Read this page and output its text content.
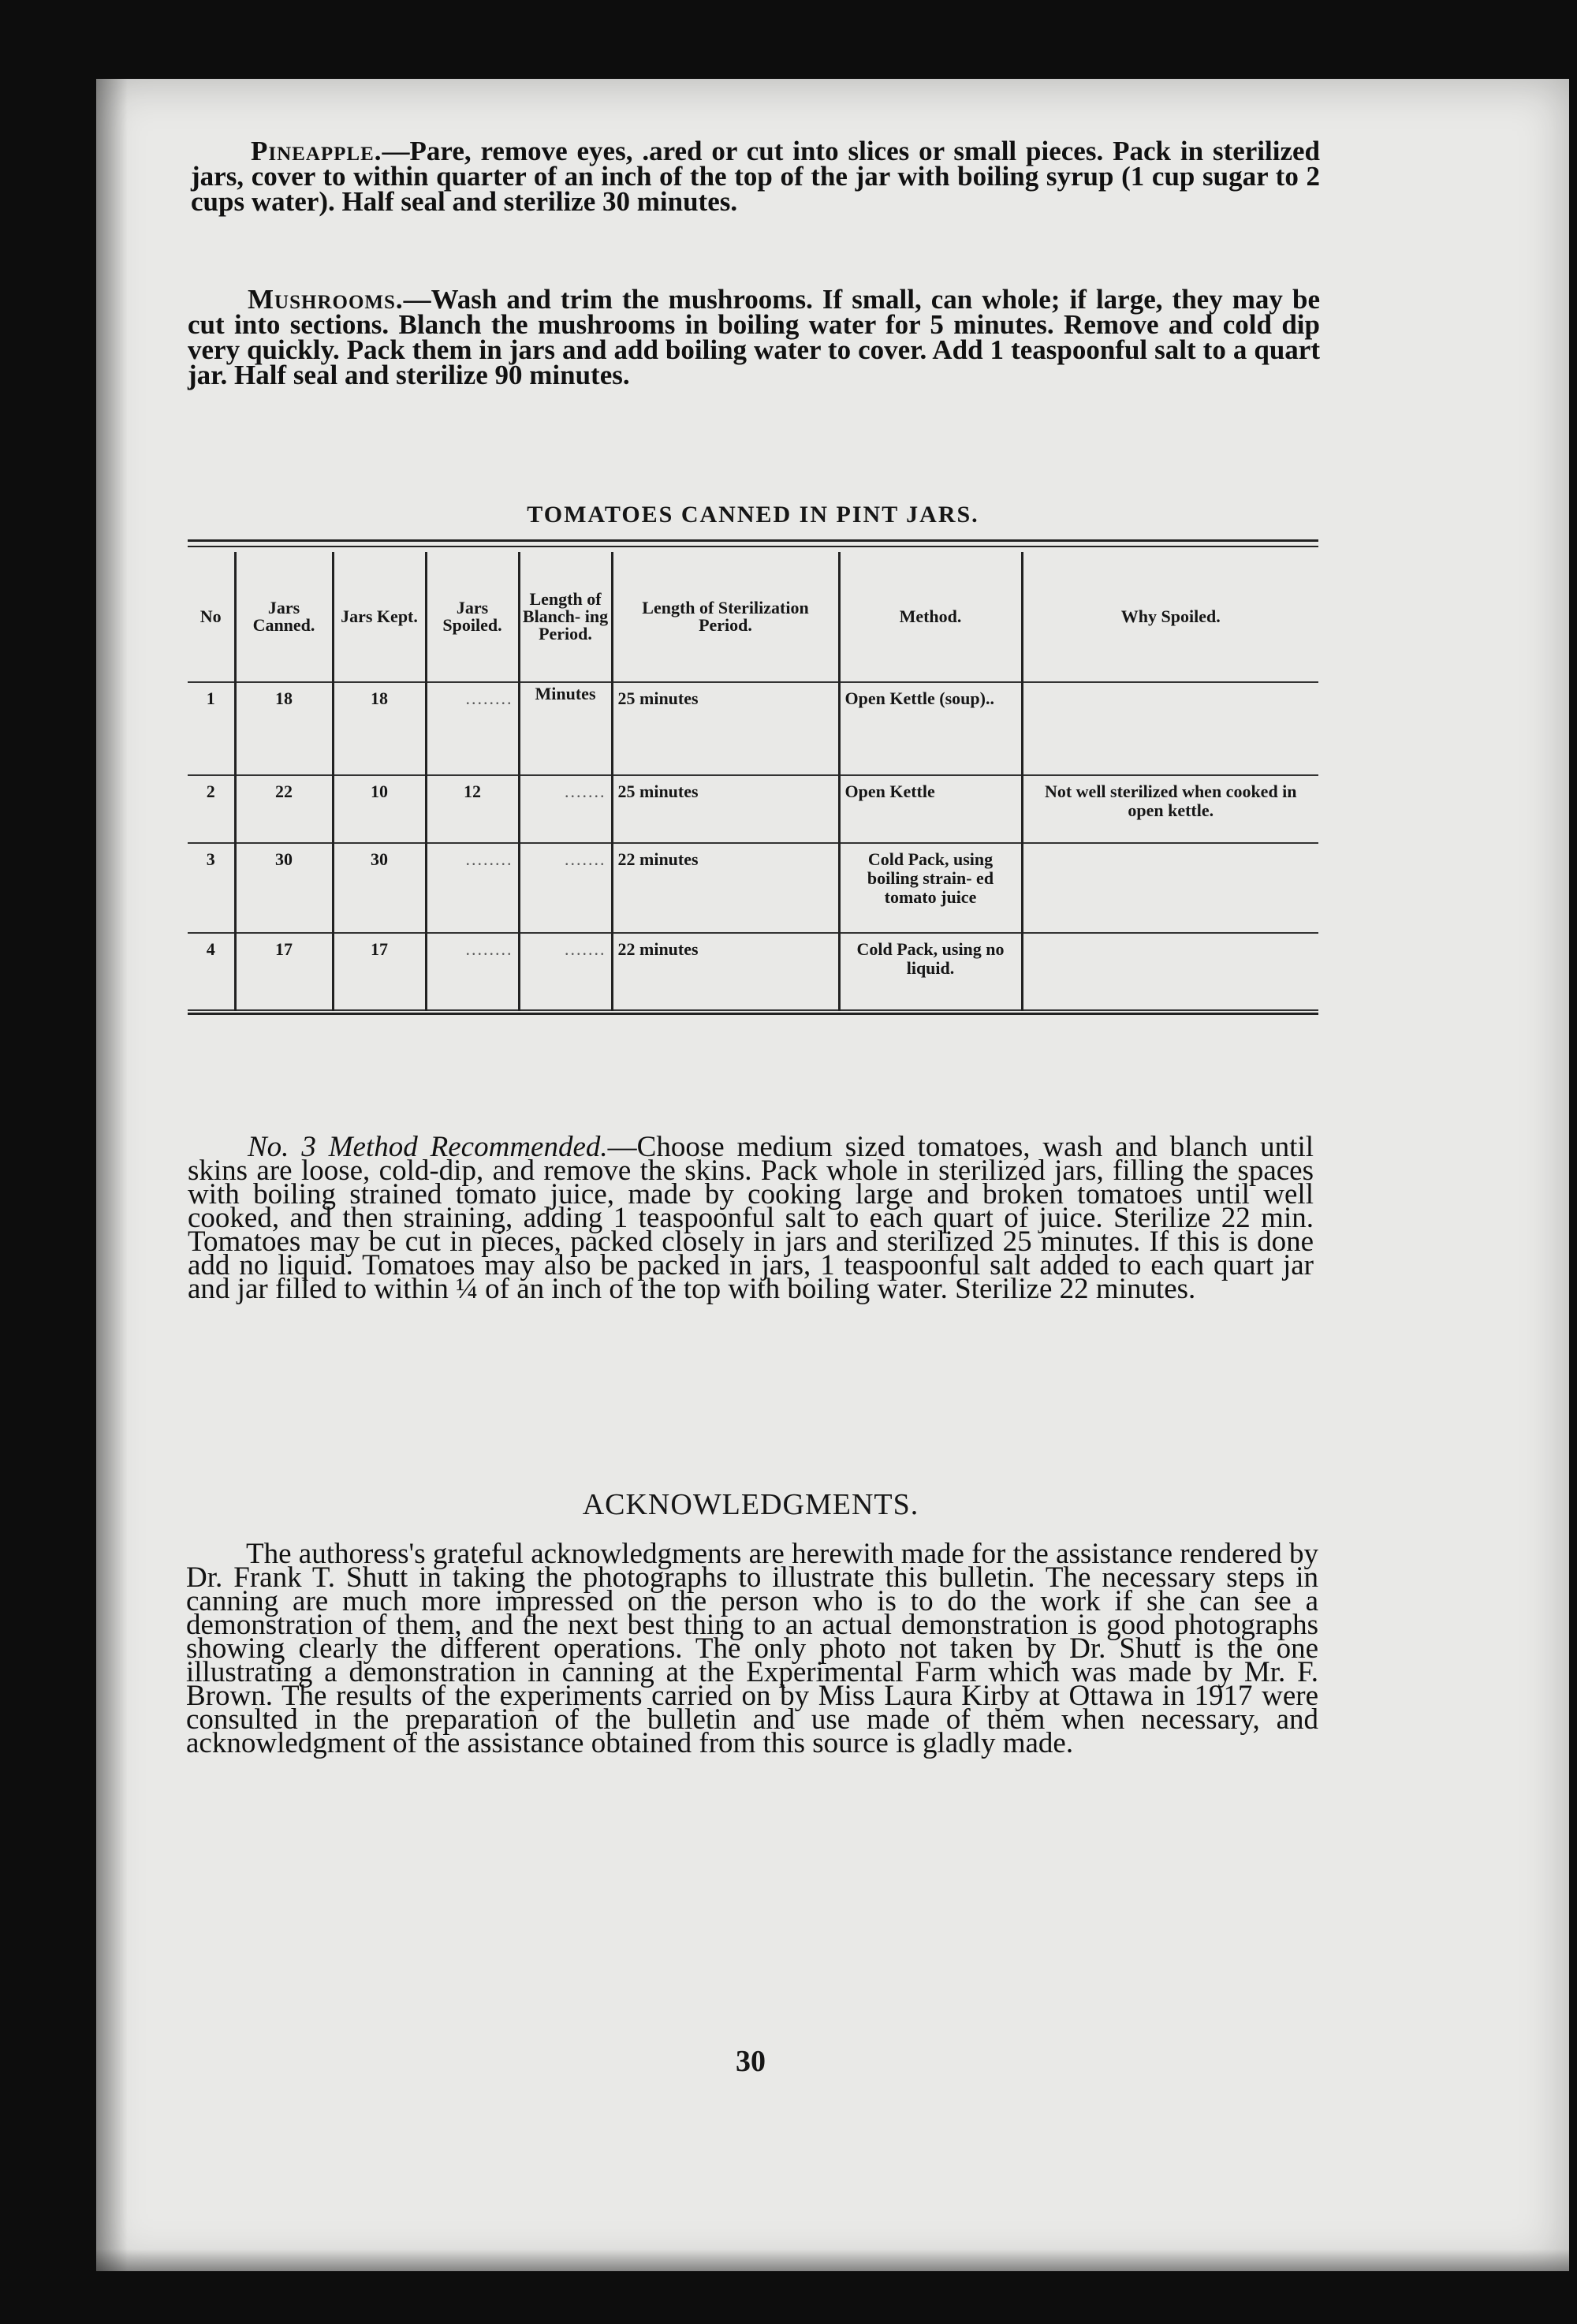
Pineapple.—Pare, remove eyes, .ared or cut into slices or small pieces. Pack in sterilized jars, cover to within quarter of an inch of the top of the jar with boiling syrup (1 cup sugar to 2 cups water). Half seal and sterilize 30 minutes.

Mushrooms.—Wash and trim the mushrooms. If small, can whole; if large, they may be cut into sections. Blanch the mushrooms in boiling water for 5 minutes. Remove and cold dip very quickly. Pack them in jars and add boiling water to cover. Add 1 teaspoonful salt to a quart jar. Half seal and sterilize 90 minutes.

TOMATOES CANNED IN PINT JARS.

No	Jars Canned.	Jars Kept.	Jars Spoiled.	Length of Blanch- ing Period.	Length of Sterilization Period.	Method.	Why Spoiled.
1	18	18	........	Minutes	25 minutes	Open Kettle (soup)..	
2	22	10	12	.......	25 minutes	Open Kettle	Not well sterilized when cooked in open kettle.
3	30	30	........	.......	22 minutes	Cold Pack, using boiling strain- ed tomato juice	
4	17	17	........	.......	22 minutes	Cold Pack, using no liquid.	

No. 3 Method Recommended.—Choose medium sized tomatoes, wash and blanch until skins are loose, cold-dip, and remove the skins. Pack whole in sterilized jars, filling the spaces with boiling strained tomato juice, made by cooking large and broken tomatoes until well cooked, and then straining, adding 1 teaspoonful salt to each quart of juice. Sterilize 22 min. Tomatoes may be cut in pieces, packed closely in jars and sterilized 25 minutes. If this is done add no liquid. Tomatoes may also be packed in jars, 1 teaspoonful salt added to each quart jar and jar filled to within ¼ of an inch of the top with boiling water. Sterilize 22 minutes.

ACKNOWLEDGMENTS.

The authoress's grateful acknowledgments are herewith made for the assistance rendered by Dr. Frank T. Shutt in taking the photographs to illustrate this bulletin. The necessary steps in canning are much more impressed on the person who is to do the work if she can see a demonstration of them, and the next best thing to an actual demonstration is good photographs showing clearly the different operations. The only photo not taken by Dr. Shutt is the one illustrating a demonstration in canning at the Experimental Farm which was made by Mr. F. Brown. The results of the experiments carried on by Miss Laura Kirby at Ottawa in 1917 were consulted in the preparation of the bulletin and use made of them when necessary, and acknowledgment of the assistance obtained from this source is gladly made.

30
